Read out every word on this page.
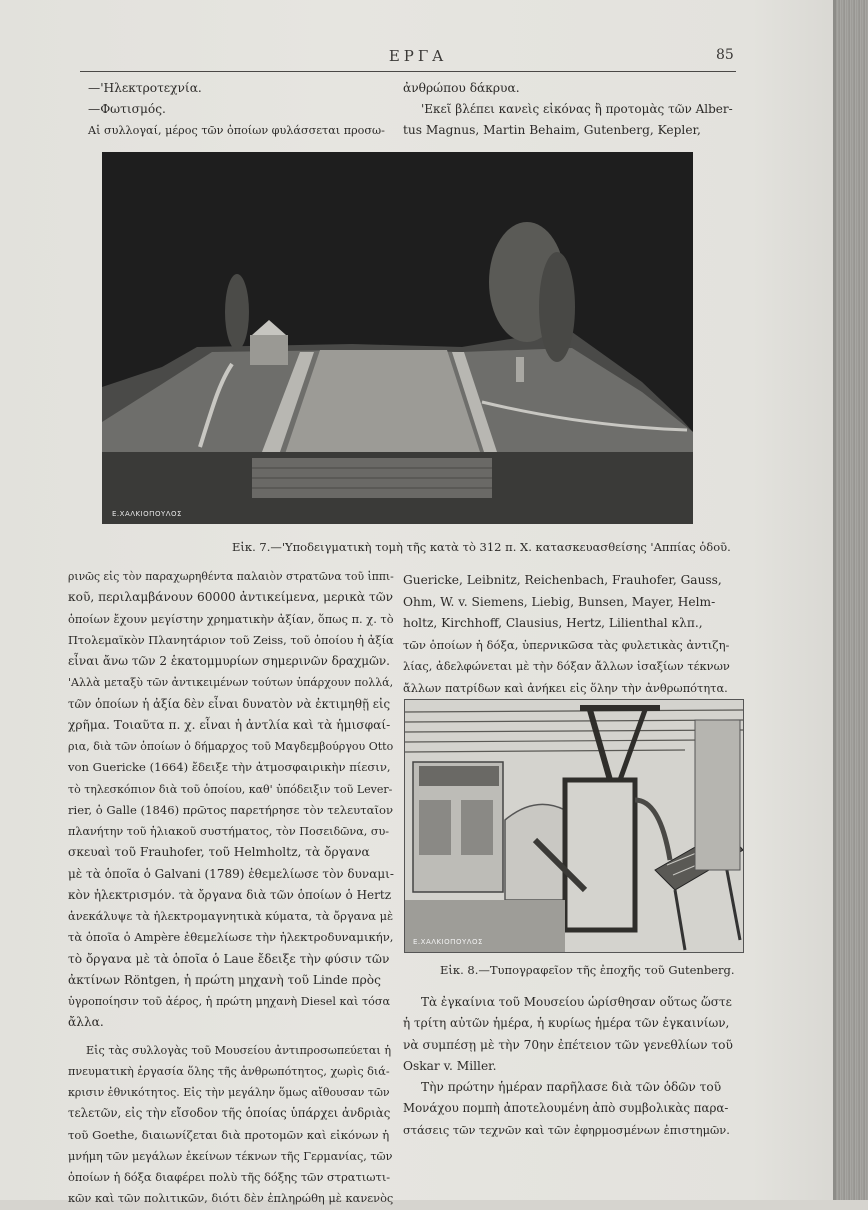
ΕΡΓΑ	85

—'Ηλεκτροτεχνία.

—Φωτισμός.

Αἱ συλλογαί, μέρος τῶν ὁποίων φυλάσσεται προσω-

ἀνθρώπου δάκρυα.

'Εκεῖ βλέπει κανεὶς εἰκόνας ἢ προτομὰς τῶν Alber-

tus Magnus, Martin Behaim, Gutenberg, Kepler,

Ε.ΧΑΛΚΙΟΠΟΥΛΟΣ
Εἰκ. 7.—'Υποδειγματικὴ τομὴ τῆς κατὰ τὸ 312 π. Χ. κατασκευασθείσης 'Αππίας ὁδοῦ.

ρινῶς εἰς τὸν παραχωρηθέντα παλαιὸν στρατῶνα τοῦ ἱππι-

κοῦ, περιλαμβάνουν 60000 ἀντικείμενα, μερικὰ τῶν

ὁποίων ἔχουν μεγίστην χρηματικὴν ἀξίαν, ὅπως π. χ. τὸ

Πτολεμαϊκὸν Πλανητάριον τοῦ Zeiss, τοῦ ὁποίου ἡ ἀξία

εἶναι ἄνω τῶν 2 ἑκατομμυρίων σημερινῶν δραχμῶν.

'Αλλὰ μεταξὺ τῶν ἀντικειμένων τούτων ὑπάρχουν πολλά,

τῶν ὁποίων ἡ ἀξία δὲν εἶναι δυνατὸν νὰ ἐκτιμηθῇ εἰς

χρῆμα. Τοιαῦτα π. χ. εἶναι ἡ ἀντλία καὶ τὰ ἡμισφαί-

ρια, διὰ τῶν ὁποίων ὁ δήμαρχος τοῦ Μαγδεμβούργου Otto

von Guericke (1664) ἔδειξε τὴν ἀτμοσφαιρικὴν πίεσιν,

τὸ τηλεσκόπιον διὰ τοῦ ὁποίου, καθ' ὑπόδειξιν τοῦ Lever-

rier, ὁ Galle (1846) πρῶτος παρετήρησε τὸν τελευταῖον

πλανήτην τοῦ ἡλιακοῦ συστήματος, τὸν Ποσειδῶνα, συ-

σκευαὶ τοῦ Frauhofer, τοῦ Helmholtz, τὰ ὄργανα

μὲ τὰ ὁποῖα ὁ Galvani (1789) ἐθεμελίωσε τὸν δυναμι-

κὸν ἠλεκτρισμόν. τὰ ὄργανα διὰ τῶν ὁποίων ὁ Hertz

ἀνεκάλυψε τὰ ἠλεκτρομαγνητικὰ κύματα, τὰ ὄργανα μὲ

τὰ ὁποῖα ὁ Ampère ἐθεμελίωσε τὴν ἠλεκτροδυναμικήν,

τὸ ὄργανα μὲ τὰ ὁποῖα ὁ Laue ἔδειξε τὴν φύσιν τῶν

ἀκτίνων Röntgen, ἡ πρώτη μηχανὴ τοῦ Linde πρὸς

ὑγροποίησιν τοῦ ἀέρος, ἡ πρώτη μηχανὴ Diesel καὶ τόσα

ἄλλα.

Εἰς τὰς συλλογὰς τοῦ Μουσείου ἀντιπροσωπεύεται ἡ

πνευματικὴ ἐργασία ὅλης τῆς ἀνθρωπότητος, χωρὶς διά-

κρισιν ἐθνικότητος. Εἰς τὴν μεγάλην ὅμως αἴθουσαν τῶν

τελετῶν, εἰς τὴν εἴσοδον τῆς ὁποίας ὑπάρχει ἀνδριὰς

τοῦ Goethe, διαιωνίζεται διὰ προτομῶν καὶ εἰκόνων ἡ

μνήμη τῶν μεγάλων ἐκείνων τέκνων τῆς Γερμανίας, τῶν

ὁποίων ἡ δόξα διαφέρει πολὺ τῆς δόξης τῶν στρατιωτι-

κῶν καὶ τῶν πολιτικῶν, διότι δὲν ἐπληρώθη μὲ κανενὸς

Guericke, Leibnitz, Reichenbach, Frauhofer, Gauss,

Ohm, W. v. Siemens, Liebig, Bunsen, Mayer, Helm-

holtz, Kirchhoff, Clausius, Hertz, Lilienthal κλπ.,

τῶν ὁποίων ἡ δόξα, ὑπερνικῶσα τὰς φυλετικὰς ἀντιζη-

λίας, ἀδελφώνεται μὲ τὴν δόξαν ἄλλων ἰσαξίων τέκνων

ἄλλων πατρίδων καὶ ἀνήκει εἰς ὅλην τὴν ἀνθρωπότητα.

Ε.ΧΑΛΚΙΟΠΟΥΛΟΣ
Εἰκ. 8.—Τυπογραφεῖον τῆς ἐποχῆς τοῦ Gutenberg.

Τὰ ἐγκαίνια τοῦ Μουσείου ὡρίσθησαν οὕτως ὥστε

ἡ τρίτη αὐτῶν ἡμέρα, ἡ κυρίως ἡμέρα τῶν ἐγκαινίων,

νὰ συμπέσῃ μὲ τὴν 70ην ἐπέτειον τῶν γενεθλίων τοῦ

Oskar v. Miller.

Τὴν πρώτην ἡμέραν παρῆλασε διὰ τῶν ὁδῶν τοῦ

Μονάχου πομπὴ ἀποτελουμένη ἀπὸ συμβολικὰς παρα-

στάσεις τῶν τεχνῶν καὶ τῶν ἐφηρμοσμένων ἐπιστημῶν.
